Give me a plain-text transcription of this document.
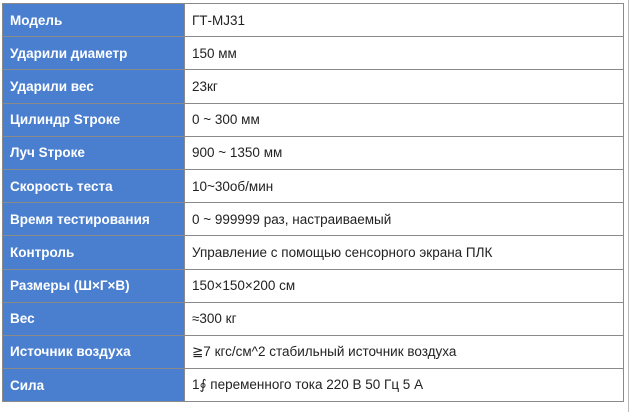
Модель	ГТ-MJ31
Ударили диаметр	150 мм
Ударили вес	23кг
Цилиндр Sтроке	0 ~ 300 мм
Луч Sтроке	900 ~ 1350 мм
Скорость теста	10~30об/мин
Время тестирования	0 ~ 999999 раз, настраиваемый
Контроль	Управление с помощью сенсорного экрана ПЛК
Размеры (Ш×Г×В)	150×150×200 см
Вес	≈300 кг
Источник воздуха	≧7 кгс/см^2 стабильный источник воздуха
Сила	1∮ переменного тока 220 В 50 Гц 5 А
